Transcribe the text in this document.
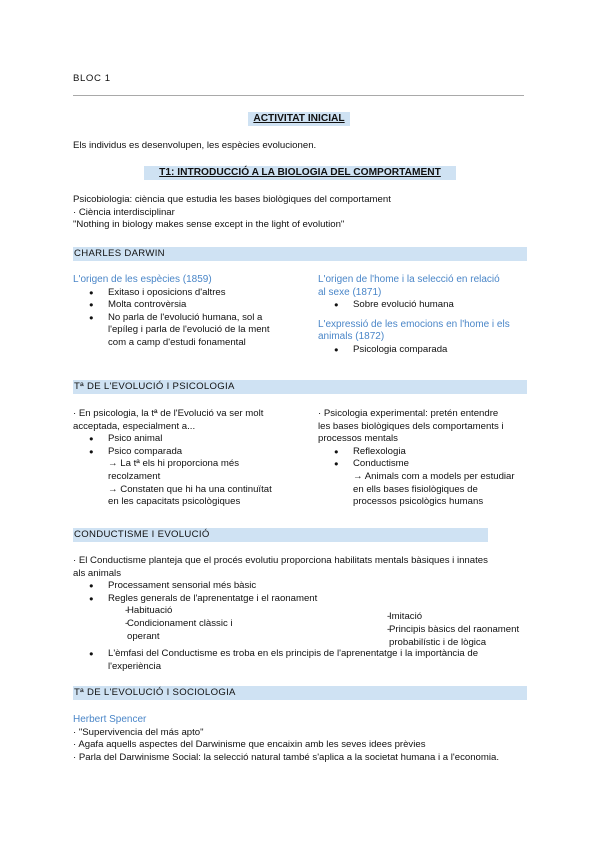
BLOC 1
ACTIVITAT INICIAL
Els individus es desenvolupen, les espècies evolucionen.
T1: INTRODUCCIÓ A LA BIOLOGIA DEL COMPORTAMENT
Psicobiologia: ciència que estudia les bases biològiques del comportament
· Ciència interdisciplinar
"Nothing in biology makes sense except in the light of evolution"
CHARLES DARWIN
L'origen de les espècies (1859)
● Exitaso i oposicions d'altres
● Molta controvèrsia
● No parla de l'evolució humana, sol a
l'epíleg i parla de l'evolució de la ment
com a camp d'estudi fonamental
L'origen de l'home i la selecció en relació
al sexe (1871)
● Sobre evolució humana
L'expressió de les emocions en l'home i els
animals (1872)
● Psicologia comparada
Tª DE L'EVOLUCIÓ I PSICOLOGIA
· En psicologia, la tª de l'Evolució va ser molt
acceptada, especialment a...
● Psico animal
● Psico comparada
→ La tª els hi proporciona més
recolzament
→ Constaten que hi ha una continuïtat
en les capacitats psicològiques
· Psicologia experimental: pretén entendre
les bases biològiques dels comportaments i
processos mentals
● Reflexologia
● Conductisme
→ Animals com a models per estudiar
en ells bases fisiològiques de
processos psicològics humans
CONDUCTISME I EVOLUCIÓ
· El Conductisme planteja que el procés evolutiu proporciona habilitats mentals bàsiques i innates
als animals
● Processament sensorial més bàsic
● Regles generals de l'aprenentatge i el raonament
- Habituació
- Condicionament clàssic i
operant
- Imitació
- Principis bàsics del raonament
probabilístic i de lògica
● L'èmfasi del Conductisme es troba en els principis de l'aprenentatge i la importància de
l'experiència
Tª DE L'EVOLUCIÓ I SOCIOLOGIA
Herbert Spencer
· "Supervivencia del más apto"
· Agafa aquells aspectes del Darwinisme que encaixin amb les seves idees prèvies
· Parla del Darwinisme Social: la selecció natural també s'aplica a la societat humana i a l'economia.
